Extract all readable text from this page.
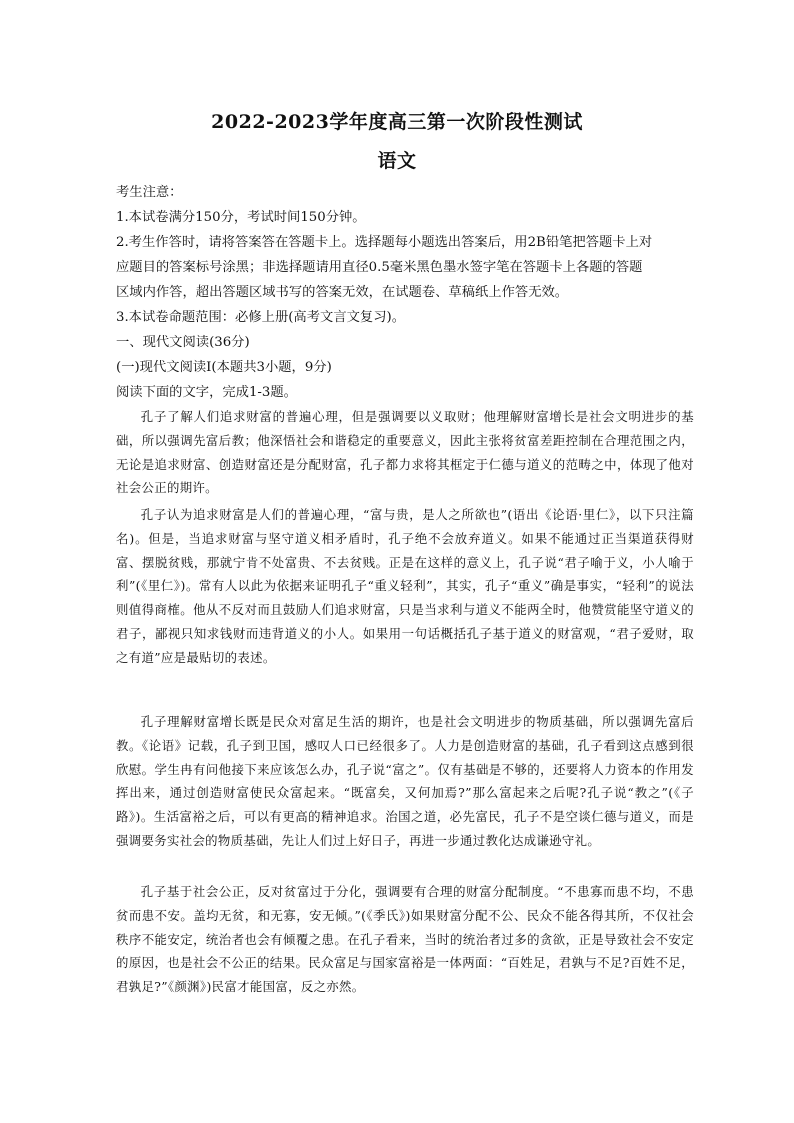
2022-2023学年度高三第一次阶段性测试
语文
考生注意：
1.本试卷满分150分，考试时间150分钟。
2.考生作答时，请将答案答在答题卡上。选择题每小题选出答案后，用2B铅笔把答题卡上对
应题目的答案标号涂黑；非选择题请用直径0.5毫米黑色墨水签字笔在答题卡上各题的答题
区域内作答，超出答题区域书写的答案无效，在试题卷、草稿纸上作答无效。
3.本试卷命题范围：必修上册(高考文言文复习)。
一、现代文阅读(36分)
(一)现代文阅读Ⅰ(本题共3小题，9分)
阅读下面的文字，完成1-3题。
孔子了解人们追求财富的普遍心理，但是强调要以义取财；他理解财富增长是社会文明进步的基础，所以强调先富后教；他深悟社会和谐稳定的重要意义，因此主张将贫富差距控制在合理范围之内，无论是追求财富、创造财富还是分配财富，孔子都力求将其框定于仁德与道义的范畴之中，体现了他对社会公正的期许。
孔子认为追求财富是人们的普遍心理，“富与贵，是人之所欲也”(语出《论语·里仁》，以下只注篇名)。但是，当追求财富与坚守道义相矛盾时，孔子绝不会放弃道义。如果不能通过正当渠道获得财富、摆脱贫贱，那就宁肯不处富贵、不去贫贱。正是在这样的意义上，孔子说“君子喻于义，小人喻于利”(《里仁》)。常有人以此为依据来证明孔子“重义轻利”，其实，孔子“重义”确是事实，“轻利”的说法则值得商榷。他从不反对而且鼓励人们追求财富，只是当求利与道义不能两全时，他赞赏能坚守道义的君子，鄙视只知求钱财而违背道义的小人。如果用一句话概括孔子基于道义的财富观，“君子爱财，取之有道”应是最贴切的表述。
孔子理解财富增长既是民众对富足生活的期许，也是社会文明进步的物质基础，所以强调先富后教。《论语》记载，孔子到卫国，感叹人口已经很多了。人力是创造财富的基础，孔子看到这点感到很欣慰。学生冉有问他接下来应该怎么办，孔子说“富之”。仅有基础是不够的，还要将人力资本的作用发挥出来，通过创造财富使民众富起来。“既富矣，又何加焉?”那么富起来之后呢?孔子说“教之”(《子路》)。生活富裕之后，可以有更高的精神追求。治国之道，必先富民，孔子不是空谈仁德与道义，而是强调要务实社会的物质基础，先让人们过上好日子，再进一步通过教化达成谦逊守礼。
孔子基于社会公正，反对贫富过于分化，强调要有合理的财富分配制度。“不患寡而患不均，不患贫而患不安。盖均无贫，和无寡，安无倾。”(《季氏》)如果财富分配不公、民众不能各得其所，不仅社会秩序不能安定，统治者也会有倾覆之患。在孔子看来，当时的统治者过多的贪欲，正是导致社会不安定的原因，也是社会不公正的结果。民众富足与国家富裕是一体两面：“百姓足，君孰与不足?百姓不足，君孰足?”《颜渊》)民富才能国富，反之亦然。
